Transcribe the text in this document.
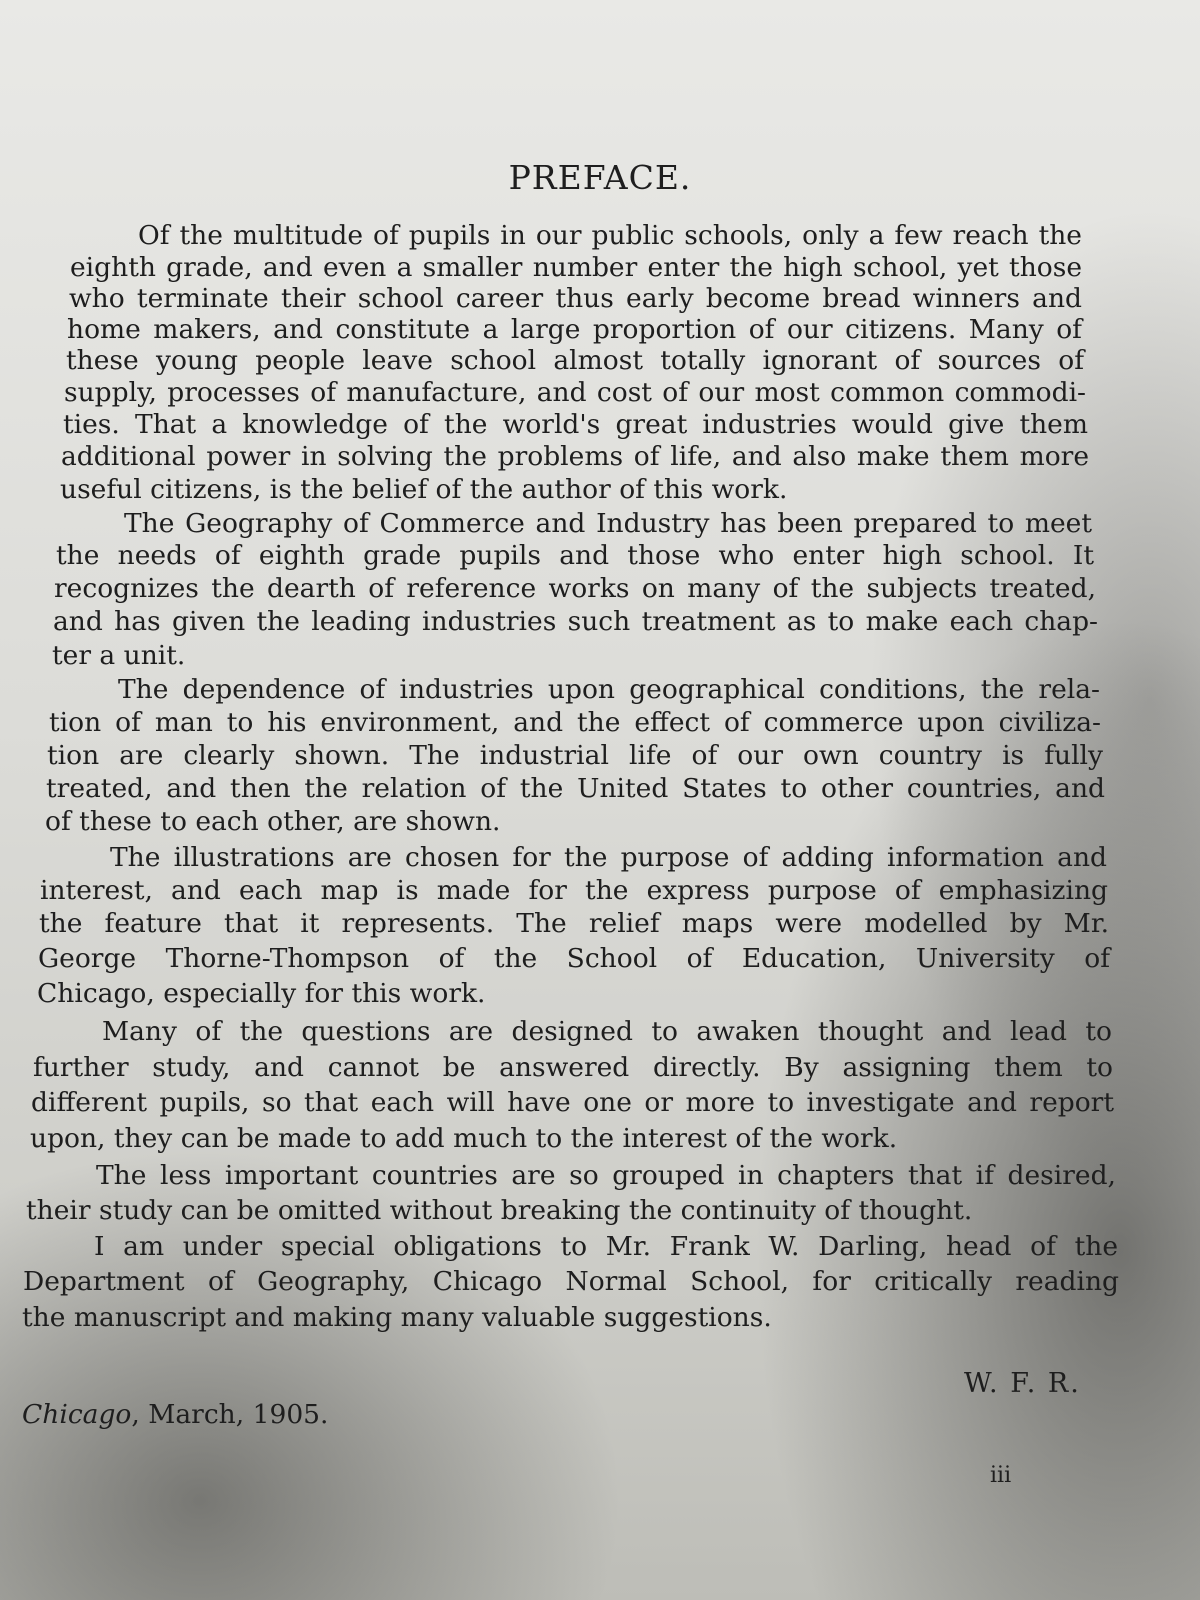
PREFACE.
Of the multitude of pupils in our public schools, only a few reach the
eighth grade, and even a smaller number enter the high school, yet those
who terminate their school career thus early become bread winners and
home makers, and constitute a large proportion of our citizens. Many of
these young people leave school almost totally ignorant of sources of
supply, processes of manufacture, and cost of our most common commodi-
ties. That a knowledge of the world's great industries would give them
additional power in solving the problems of life, and also make them more
useful citizens, is the belief of the author of this work.
The Geography of Commerce and Industry has been prepared to meet
the needs of eighth grade pupils and those who enter high school. It
recognizes the dearth of reference works on many of the subjects treated,
and has given the leading industries such treatment as to make each chap-
ter a unit.
The dependence of industries upon geographical conditions, the rela-
tion of man to his environment, and the effect of commerce upon civiliza-
tion are clearly shown. The industrial life of our own country is fully
treated, and then the relation of the United States to other countries, and
of these to each other, are shown.
The illustrations are chosen for the purpose of adding information and
interest, and each map is made for the express purpose of emphasizing
the feature that it represents. The relief maps were modelled by Mr.
George Thorne-Thompson of the School of Education, University of
Chicago, especially for this work.
Many of the questions are designed to awaken thought and lead to
further study, and cannot be answered directly. By assigning them to
different pupils, so that each will have one or more to investigate and report
upon, they can be made to add much to the interest of the work.
The less important countries are so grouped in chapters that if desired,
their study can be omitted without breaking the continuity of thought.
I am under special obligations to Mr. Frank W. Darling, head of the
Department of Geography, Chicago Normal School, for critically reading
the manuscript and making many valuable suggestions.
W. F. R.
Chicago, March, 1905.
iii
